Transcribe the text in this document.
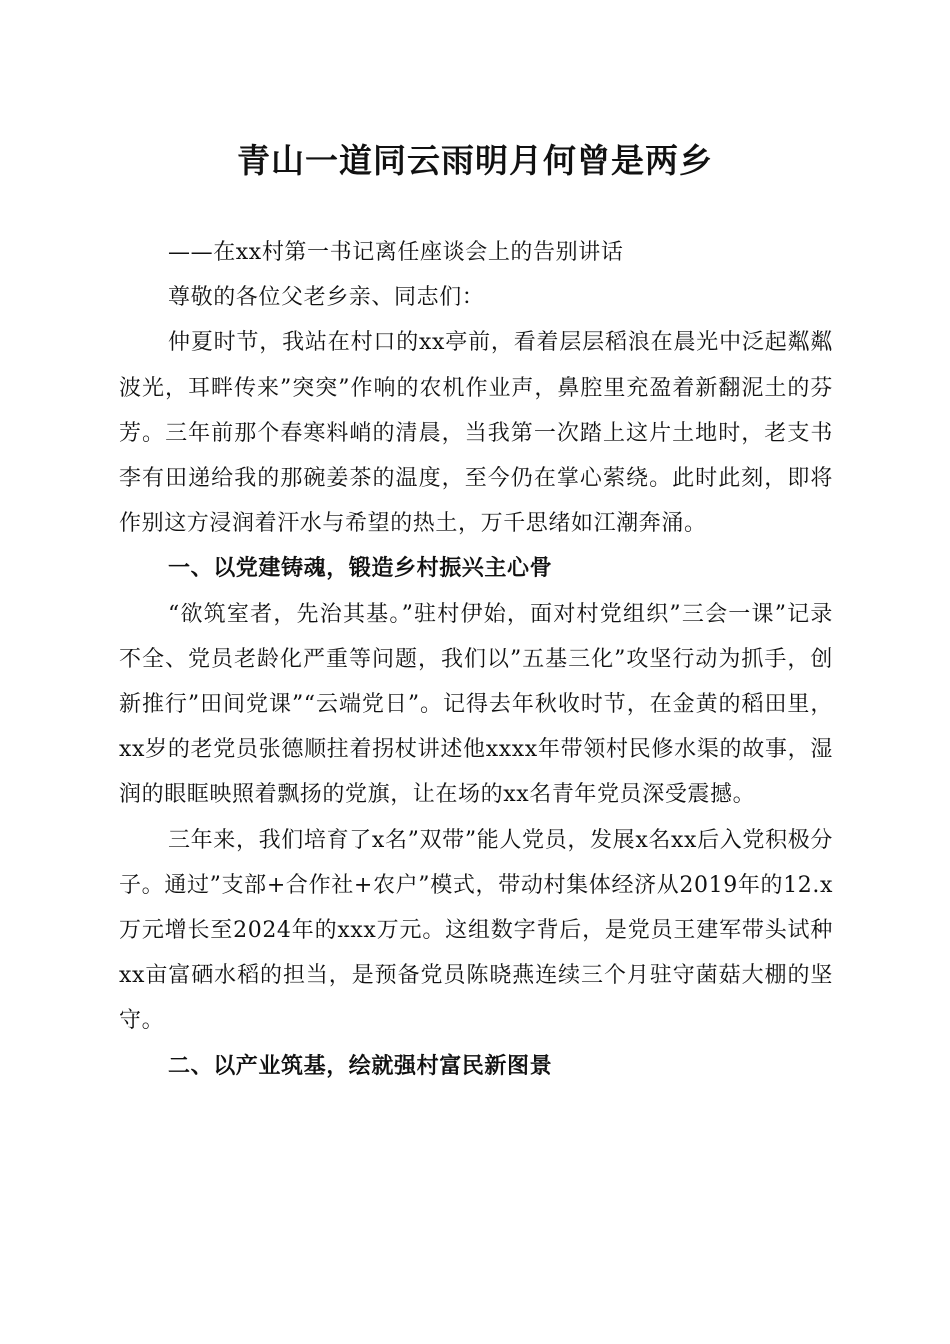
青山一道同云雨明月何曾是两乡

——在xx村第一书记离任座谈会上的告别讲话

尊敬的各位父老乡亲、同志们：

仲夏时节，我站在村口的xx亭前，看着层层稻浪在晨光中泛起粼粼波光，耳畔传来”突突”作响的农机作业声，鼻腔里充盈着新翻泥土的芬芳。三年前那个春寒料峭的清晨，当我第一次踏上这片土地时，老支书李有田递给我的那碗姜茶的温度，至今仍在掌心萦绕。此时此刻，即将作别这方浸润着汗水与希望的热土，万千思绪如江潮奔涌。

一、以党建铸魂，锻造乡村振兴主心骨

“欲筑室者，先治其基。”驻村伊始，面对村党组织”三会一课”记录不全、党员老龄化严重等问题，我们以”五基三化”攻坚行动为抓手，创新推行”田间党课”“云端党日”。记得去年秋收时节，在金黄的稻田里，xx岁的老党员张德顺拄着拐杖讲述他xxxx年带领村民修水渠的故事，湿润的眼眶映照着飘扬的党旗，让在场的xx名青年党员深受震撼。

三年来，我们培育了x名”双带”能人党员，发展x名xx后入党积极分子。通过”支部+合作社+农户”模式，带动村集体经济从2019年的12.x万元增长至2024年的xxx万元。这组数字背后，是党员王建军带头试种xx亩富硒水稻的担当，是预备党员陈晓燕连续三个月驻守菌菇大棚的坚守。

二、以产业筑基，绘就强村富民新图景
